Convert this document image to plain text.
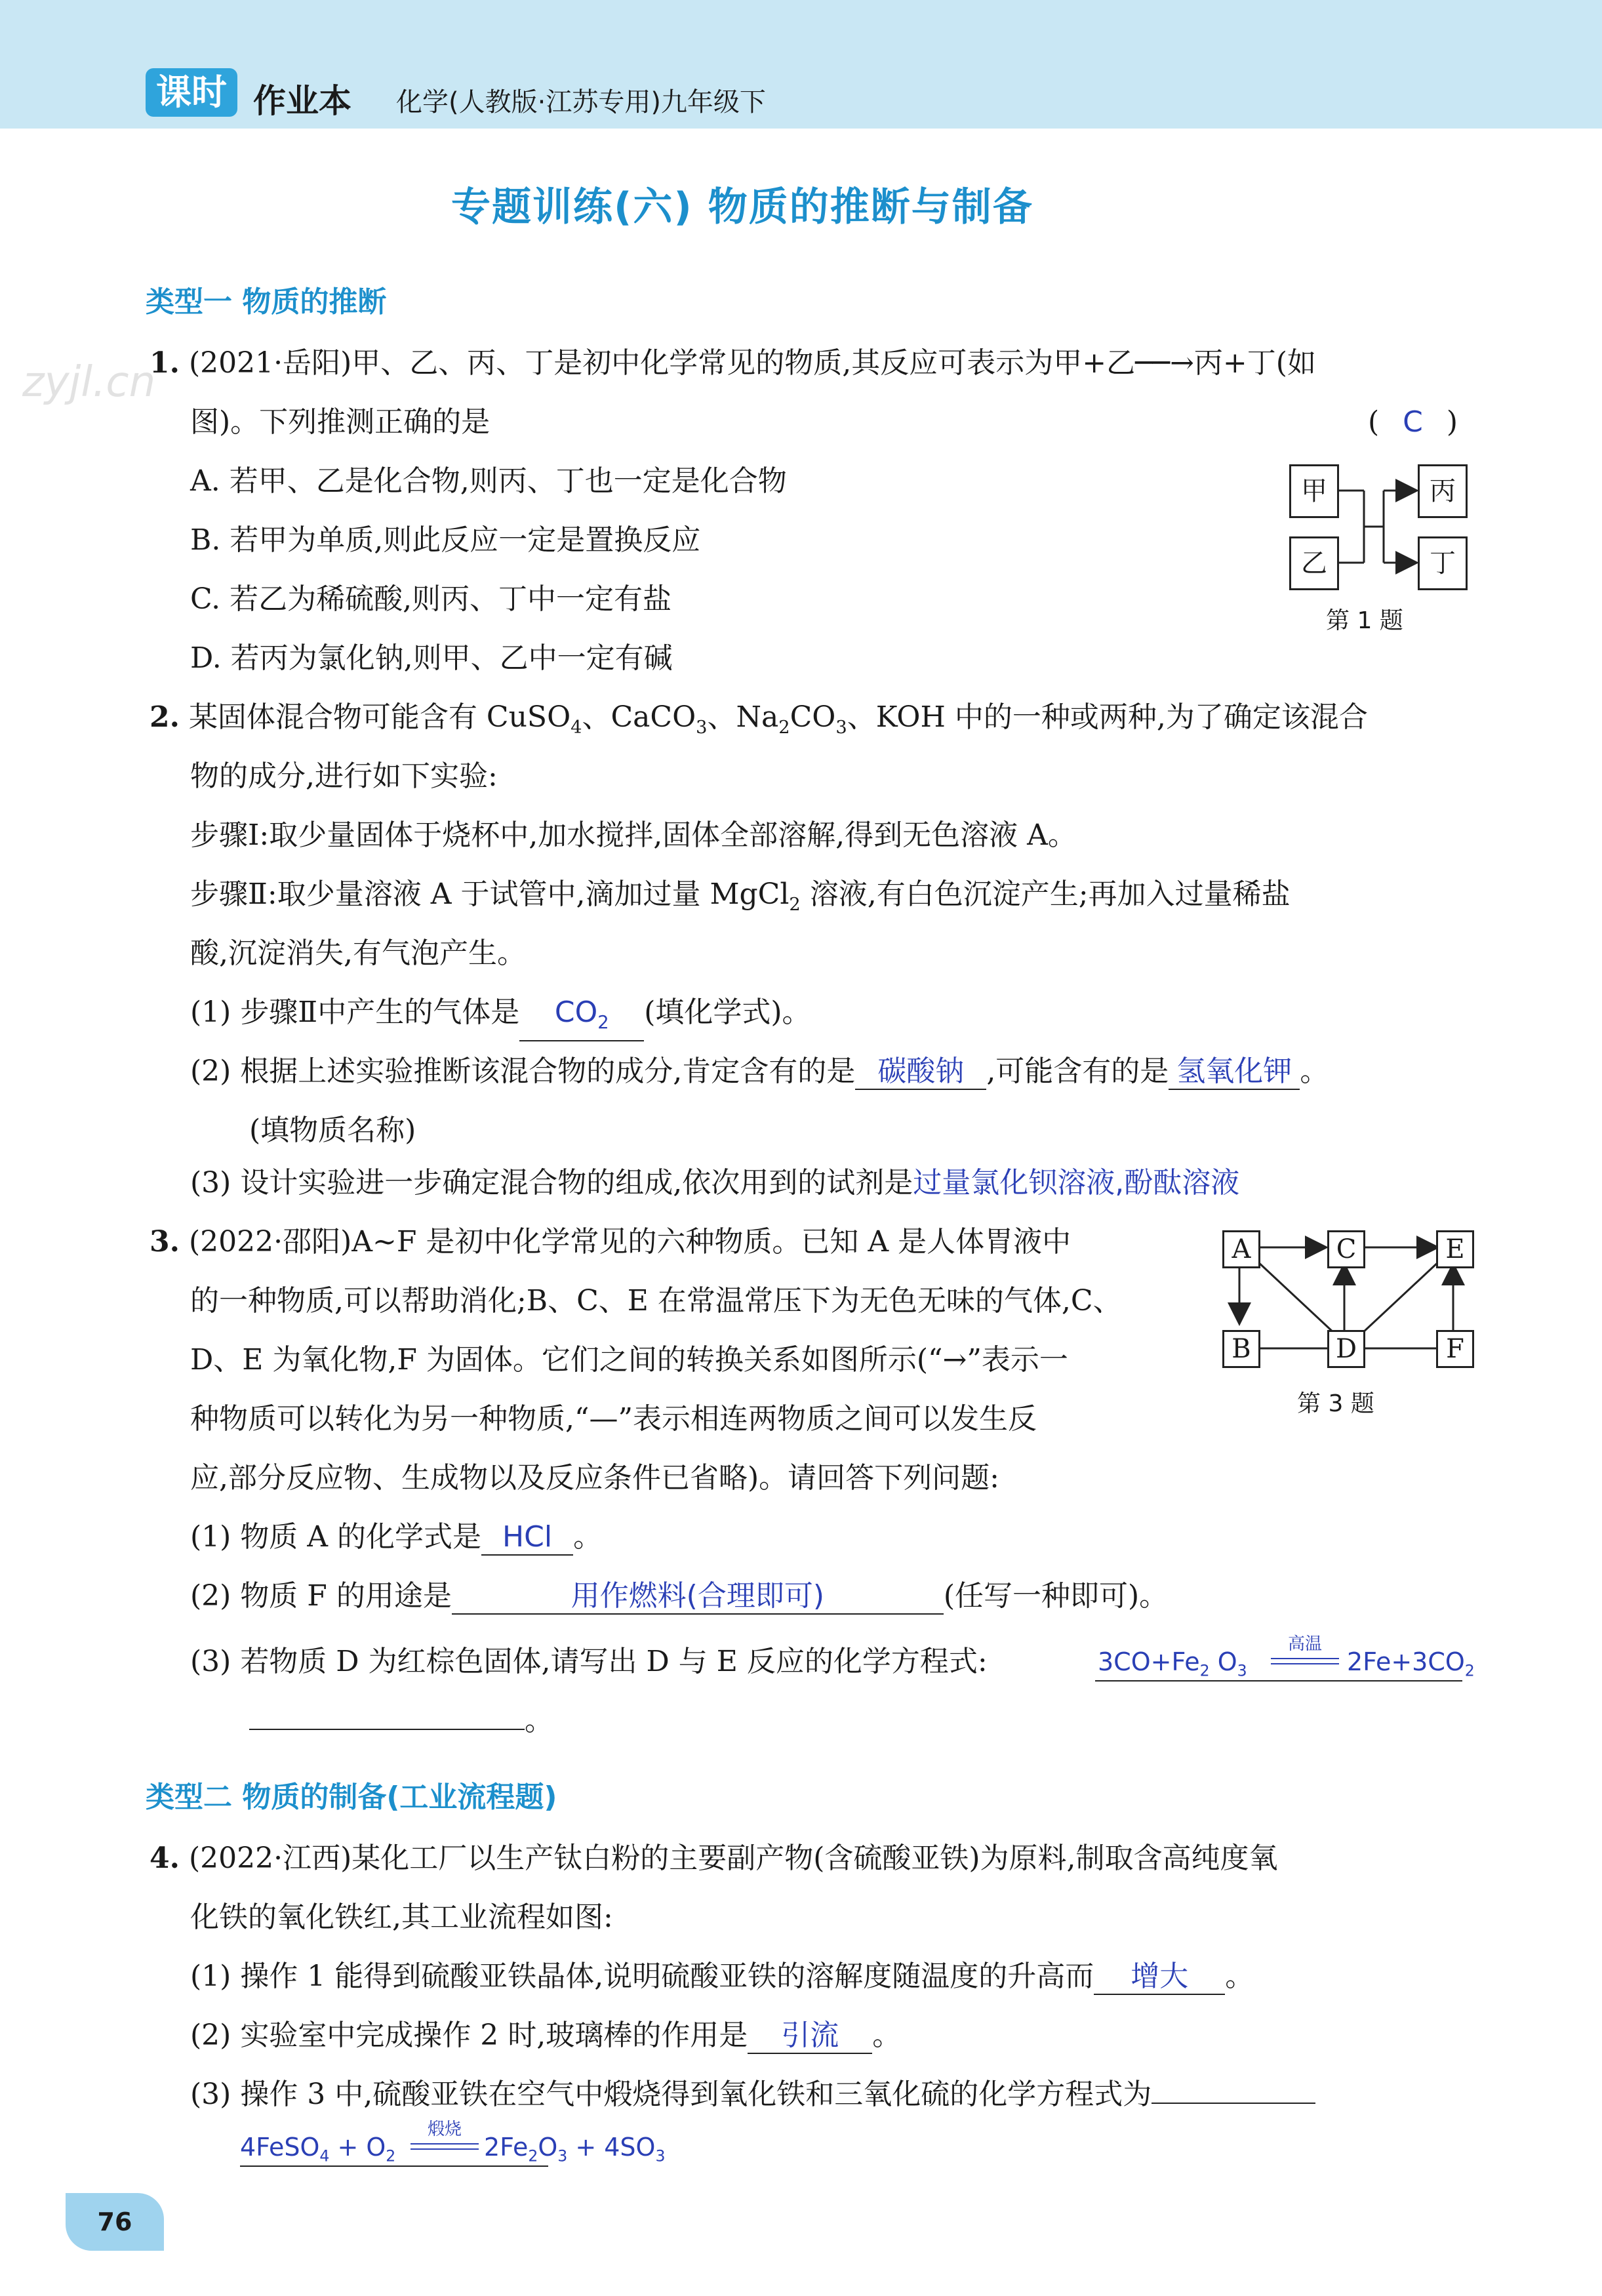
课时 作业本 化学(人教版·江苏专用)九年级下
zyjl.cn
专题训练(六) 物质的推断与制备
类型一 物质的推断
1. (2021·岳阳)甲、乙、丙、丁是初中化学常见的物质,其反应可表示为甲+乙──→丙+丁(如
图)。下列推测正确的是	( C )
A. 若甲、乙是化合物,则丙、丁也一定是化合物
B. 若甲为单质,则此反应一定是置换反应
C. 若乙为稀硫酸,则丙、丁中一定有盐
D. 若丙为氯化钠,则甲、乙中一定有碱
甲
乙
丙
丁
第 1 题
2. 某固体混合物可能含有 CuSO$_4$、CaCO$_3$、$Na_2CO_3$、KOH 中的一种或两种,为了确定该混合
物的成分,进行如下实验:
步骤Ⅰ:取少量固体于烧杯中,加水搅拌,固体全部溶解,得到无色溶液 A。
步骤Ⅱ:取少量溶液 A 于试管中,滴加过量 MgCl$_2$ 溶液,有白色沉淀产生;再加入过量稀盐
酸,沉淀消失,有气泡产生。
(1) 步骤Ⅱ中产生的气体是 $CO_2$ (填化学式)。
(2) 根据上述实验推断该混合物的成分,肯定含有的是 碳酸钠 ,可能含有的是 氢氧化钾 。
(填物质名称)
(3) 设计实验进一步确定混合物的组成,依次用到的试剂是过量氯化钡溶液,酚酞溶液
3. (2022·邵阳)A~F 是初中化学常见的六种物质。已知 A 是人体胃液中
的一种物质,可以帮助消化;B、C、E 在常温常压下为无色无味的气体,C、
D、E 为氧化物,F 为固体。它们之间的转换关系如图所示(“→”表示一
种物质可以转化为另一种物质,“—”表示相连两物质之间可以发生反
应,部分反应物、生成物以及反应条件已省略)。请回答下列问题:
A	C	E
B	D	F
第 3 题
(1) 物质 A 的化学式是 HCl 。
(2) 物质 F 的用途是	用作燃料(合理即可)	(任写一种即可)。
(3) 若物质 D 为红棕色固体,请写出 D 与 E 反应的化学方程式:	$3CO+Fe_2$ $O_3$
高温
$2Fe+3CO_2$
。
类型二 物质的制备(工业流程题)
4. (2022·江西)某化工厂以生产钛白粉的主要副产物(含硫酸亚铁)为原料,制取含高纯度氧
化铁的氧化铁红,其工业流程如图:
(1) 操作 1 能得到硫酸亚铁晶体,说明硫酸亚铁的溶解度随温度的升高而 增大 。
(2) 实验室中完成操作 2 时,玻璃棒的作用是 引流 。
(3) 操作 3 中,硫酸亚铁在空气中煅烧得到氧化铁和三氧化硫的化学方程式为
4FeSO$_4$ + $O_2$
煅烧
$2Fe_2O_3 + 4SO_3$
76
